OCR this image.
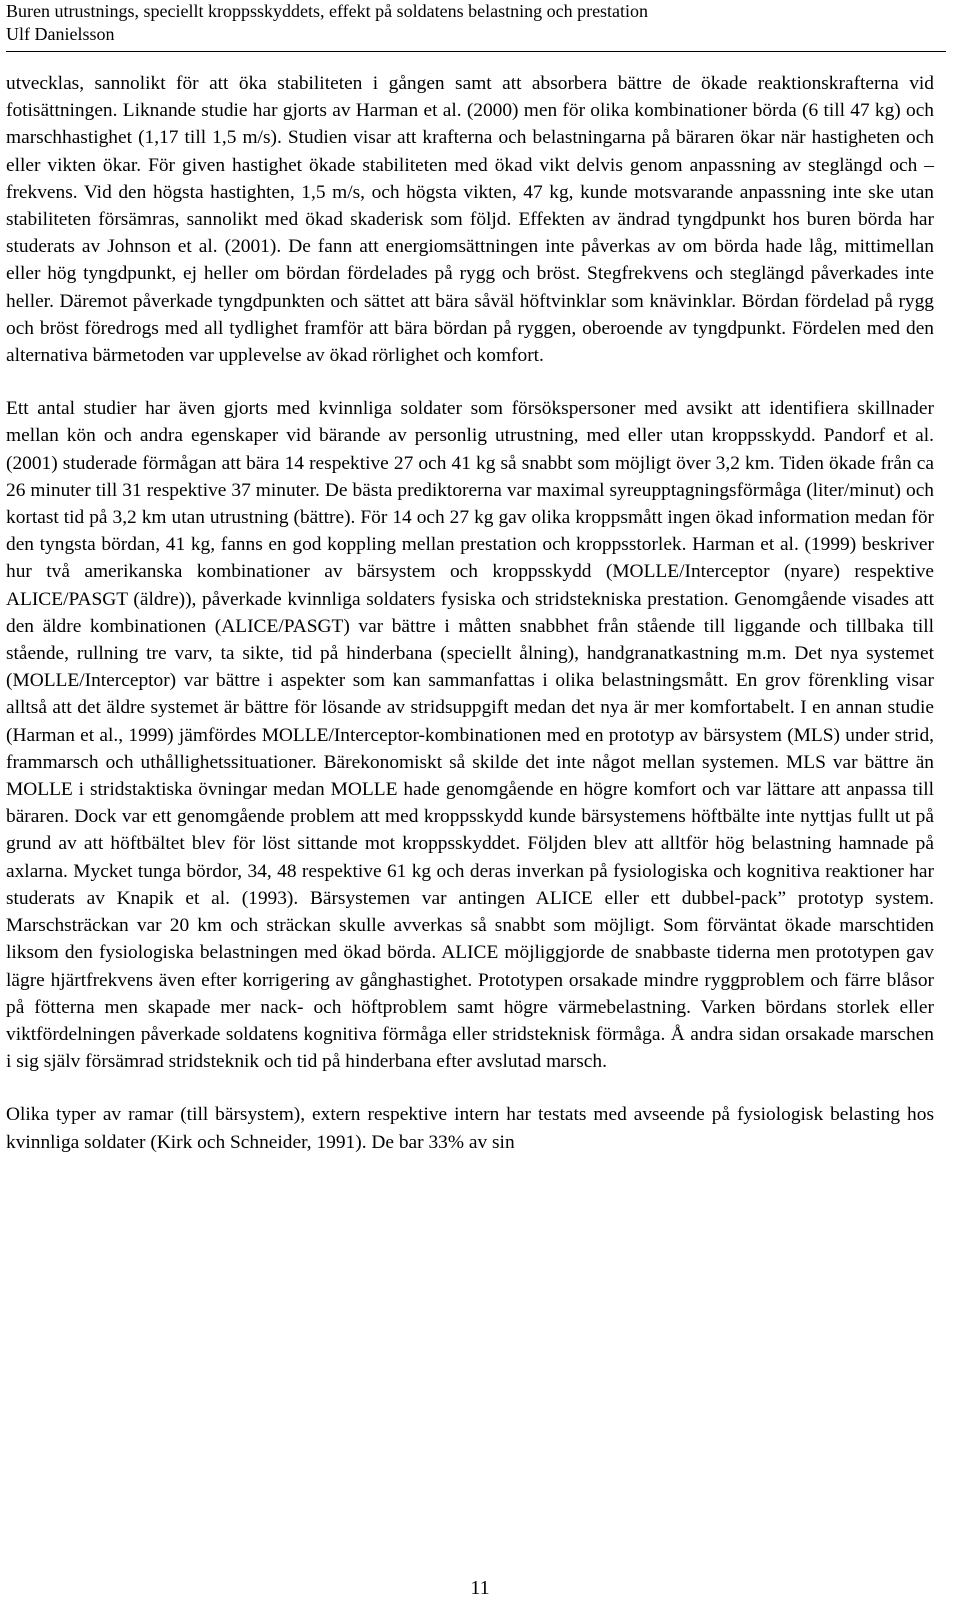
Buren utrustnings, speciellt kroppsskyddets, effekt på soldatens belastning och prestation
Ulf Danielsson

utvecklas, sannolikt för att öka stabiliteten i gången samt att absorbera bättre de ökade reaktionskrafterna vid fotisättningen. Liknande studie har gjorts av Harman et al. (2000) men för olika kombinationer börda (6 till 47 kg) och marschhastighet (1,17 till 1,5 m/s). Studien visar att krafterna och belastningarna på bäraren ökar när hastigheten och eller vikten ökar. För given hastighet ökade stabiliteten med ökad vikt delvis genom anpassning av steglängd och –frekvens. Vid den högsta hastighten, 1,5 m/s, och högsta vikten, 47 kg, kunde motsvarande anpassning inte ske utan stabiliteten försämras, sannolikt med ökad skaderisk som följd. Effekten av ändrad tyngdpunkt hos buren börda har studerats av Johnson et al. (2001). De fann att energiomsättningen inte påverkas av om börda hade låg, mittimellan eller hög tyngdpunkt, ej heller om bördan fördelades på rygg och bröst. Stegfrekvens och steglängd påverkades inte heller. Däremot påverkade tyngdpunkten och sättet att bära såväl höftvinklar som knävinklar. Bördan fördelad på rygg och bröst föredrogs med all tydlighet framför att bära bördan på ryggen, oberoende av tyngdpunkt. Fördelen med den alternativa bärmetoden var upplevelse av ökad rörlighet och komfort.

Ett antal studier har även gjorts med kvinnliga soldater som försökspersoner med avsikt att identifiera skillnader mellan kön och andra egenskaper vid bärande av personlig utrustning, med eller utan kroppsskydd. Pandorf et al. (2001) studerade förmågan att bära 14 respektive 27 och 41 kg så snabbt som möjligt över 3,2 km. Tiden ökade från ca 26 minuter till 31 respektive 37 minuter. De bästa prediktorerna var maximal syreupptagningsförmåga (liter/minut) och kortast tid på 3,2 km utan utrustning (bättre). För 14 och 27 kg gav olika kroppsmått ingen ökad information medan för den tyngsta bördan, 41 kg, fanns en god koppling mellan prestation och kroppsstorlek. Harman et al. (1999) beskriver hur två amerikanska kombinationer av bärsystem och kroppsskydd (MOLLE/Interceptor (nyare) respektive ALICE/PASGT (äldre)), påverkade kvinnliga soldaters fysiska och stridstekniska prestation. Genomgående visades att den äldre kombinationen (ALICE/PASGT) var bättre i måtten snabbhet från stående till liggande och tillbaka till stående, rullning tre varv, ta sikte, tid på hinderbana (speciellt ålning), handgranatkastning m.m. Det nya systemet (MOLLE/Interceptor) var bättre i aspekter som kan sammanfattas i olika belastningsmått. En grov förenkling visar alltså att det äldre systemet är bättre för lösande av stridsuppgift medan det nya är mer komfortabelt. I en annan studie (Harman et al., 1999) jämfördes MOLLE/Interceptor-kombinationen med en prototyp av bärsystem (MLS) under strid, frammarsch och uthållighetssituationer. Bärekonomiskt så skilde det inte något mellan systemen. MLS var bättre än MOLLE i stridstaktiska övningar medan MOLLE hade genomgående en högre komfort och var lättare att anpassa till bäraren. Dock var ett genomgående problem att med kroppsskydd kunde bärsystemens höftbälte inte nyttjas fullt ut på grund av att höftbältet blev för löst sittande mot kroppsskyddet. Följden blev att alltför hög belastning hamnade på axlarna. Mycket tunga bördor, 34, 48 respektive 61 kg och deras inverkan på fysiologiska och kognitiva reaktioner har studerats av Knapik et al. (1993). Bärsystemen var antingen ALICE eller ett dubbel-pack” prototyp system. Marschsträckan var 20 km och sträckan skulle avverkas så snabbt som möjligt. Som förväntat ökade marschtiden liksom den fysiologiska belastningen med ökad börda. ALICE möjliggjorde de snabbaste tiderna men prototypen gav lägre hjärtfrekvens även efter korrigering av gånghastighet. Prototypen orsakade mindre ryggproblem och färre blåsor på fötterna men skapade mer nack- och höftproblem samt högre värmebelastning. Varken bördans storlek eller viktfördelningen påverkade soldatens kognitiva förmåga eller stridsteknisk förmåga. Å andra sidan orsakade marschen i sig själv försämrad stridsteknik och tid på hinderbana efter avslutad marsch.

Olika typer av ramar (till bärsystem), extern respektive intern har testats med avseende på fysiologisk belasting hos kvinnliga soldater (Kirk och Schneider, 1991). De bar 33% av sin

11
